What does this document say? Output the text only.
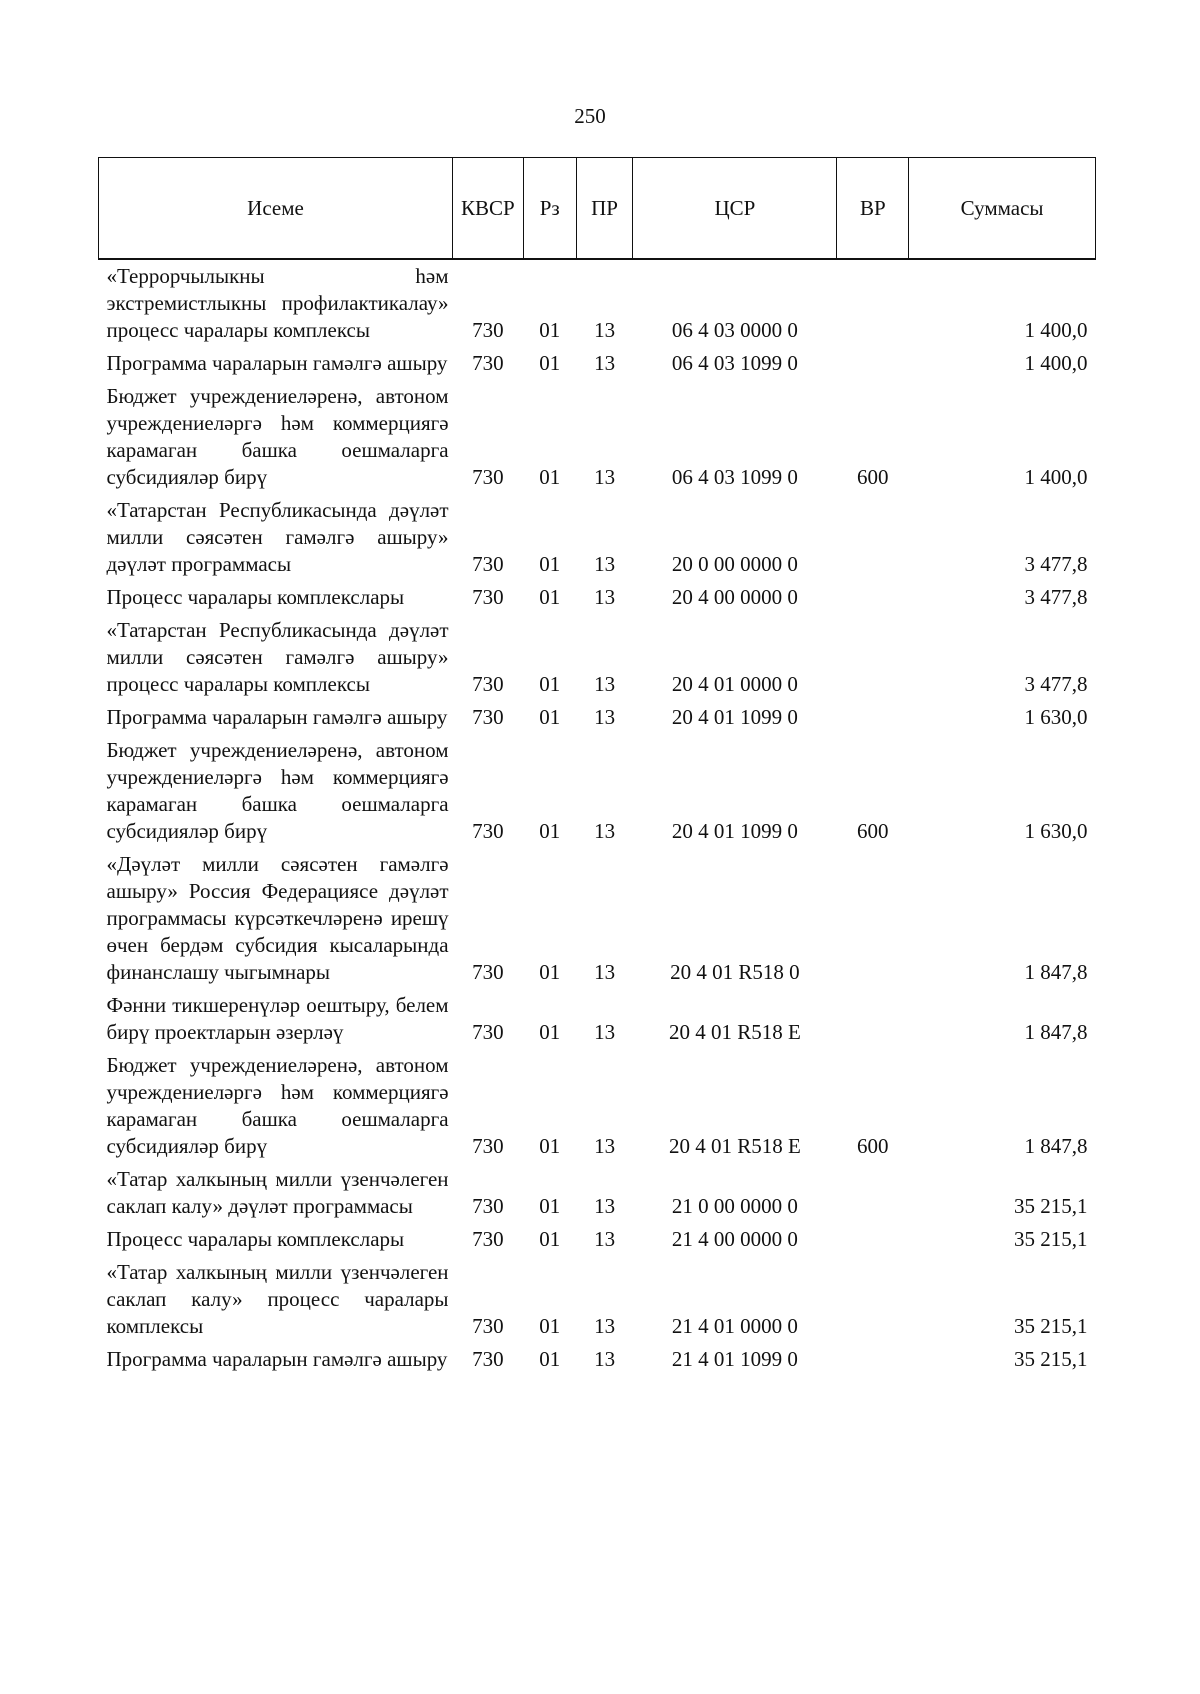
250
Исеме	КВСР	Рз	ПР	ЦСР	ВР	Суммасы
«Террорчылыкны һәм экстремистлыкны профилактикалау» процесс чаралары комплексы	730	01	13	06 4 03 0000 0		1 400,0
Программа чараларын гамәлгә ашыру	730	01	13	06 4 03 1099 0		1 400,0
Бюджет учреждениеләренә, автоном учреждениеләргә һәм коммерциягә карамаган башка оешмаларга субсидияләр бирү	730	01	13	06 4 03 1099 0	600	1 400,0
«Татарстан Республикасында дәүләт милли сәясәтен гамәлгә ашыру» дәүләт программасы	730	01	13	20 0 00 0000 0		3 477,8
Процесс чаралары комплекслары	730	01	13	20 4 00 0000 0		3 477,8
«Татарстан Республикасында дәүләт милли сәясәтен гамәлгә ашыру» процесс чаралары комплексы	730	01	13	20 4 01 0000 0		3 477,8
Программа чараларын гамәлгә ашыру	730	01	13	20 4 01 1099 0		1 630,0
Бюджет учреждениеләренә, автоном учреждениеләргә һәм коммерциягә карамаган башка оешмаларга субсидияләр бирү	730	01	13	20 4 01 1099 0	600	1 630,0
«Дәүләт милли сәясәтен гамәлгә ашыру» Россия Федерациясе дәүләт программасы күрсәткечләренә ирешү өчен бердәм субсидия кысаларында финанслашу чыгымнары	730	01	13	20 4 01 R518 0		1 847,8
Фәнни тикшеренүләр оештыру, белем бирү проектларын әзерләү	730	01	13	20 4 01 R518 E		1 847,8
Бюджет учреждениеләренә, автоном учреждениеләргә һәм коммерциягә карамаган башка оешмаларга субсидияләр бирү	730	01	13	20 4 01 R518 E	600	1 847,8
«Татар халкының милли үзенчәлеген саклап калу» дәүләт программасы	730	01	13	21 0 00 0000 0		35 215,1
Процесс чаралары комплекслары	730	01	13	21 4 00 0000 0		35 215,1
«Татар халкының милли үзенчәлеген саклап калу» процесс чаралары комплексы	730	01	13	21 4 01 0000 0		35 215,1
Программа чараларын гамәлгә ашыру	730	01	13	21 4 01 1099 0		35 215,1
